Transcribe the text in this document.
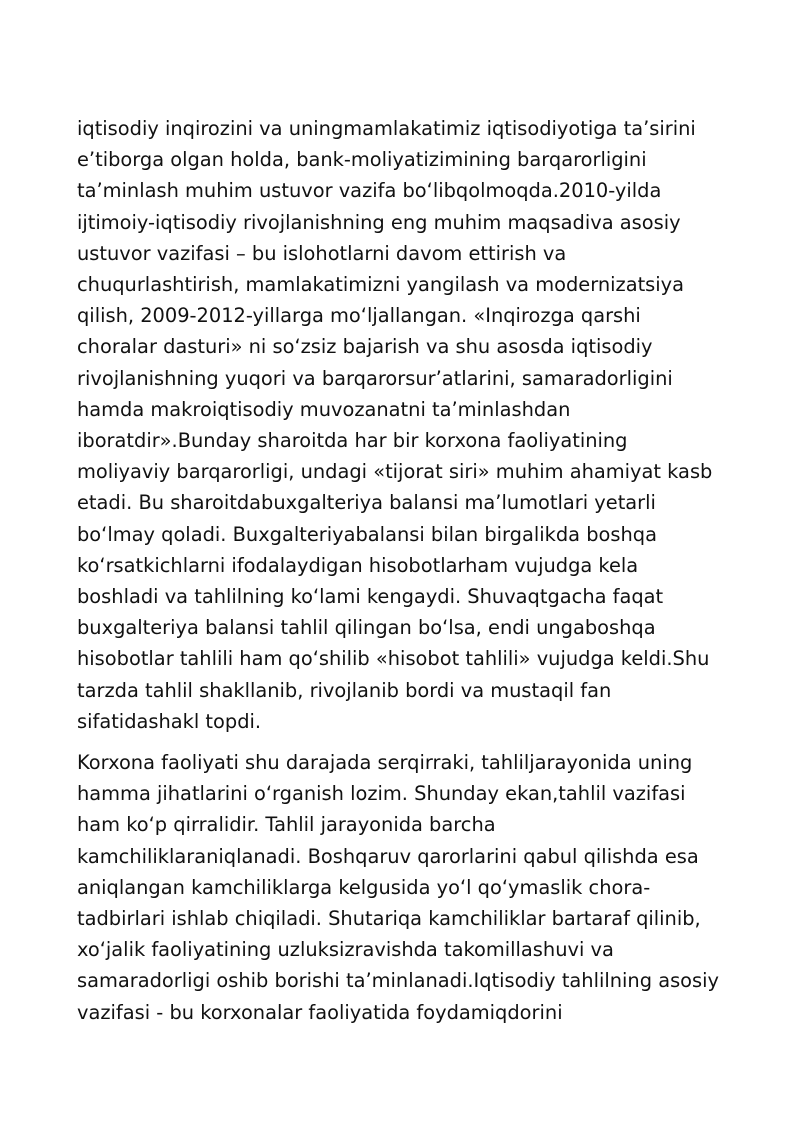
iqtisodiy inqirozini va uningmamlakatimiz iqtisodiyotiga ta’sirini
e’tiborga olgan holda, bank-moliyatizimining barqarorligini
ta’minlash muhim ustuvor vazifa bo‘libqolmoqda.2010-yilda
ijtimoiy-iqtisodiy rivojlanishning eng muhim maqsadiva asosiy
ustuvor vazifasi – bu islohotlarni davom ettirish va
chuqurlashtirish, mamlakatimizni yangilash va modernizatsiya
qilish, 2009-2012-yillarga mo‘ljallangan. «Inqirozga qarshi
choralar dasturi» ni so‘zsiz bajarish va shu asosda iqtisodiy
rivojlanishning yuqori va barqarorsur’atlarini, samaradorligini
hamda makroiqtisodiy muvozanatni ta’minlashdan
iboratdir».Bunday sharoitda har bir korxona faoliyatining
moliyaviy barqarorligi, undagi «tijorat siri» muhim ahamiyat kasb
etadi. Bu sharoitdabuxgalteriya balansi ma’lumotlari yetarli
bo‘lmay qoladi. Buxgalteriyabalansi bilan birgalikda boshqa
ko‘rsatkichlarni ifodalaydigan hisobotlarham vujudga kela
boshladi va tahlilning ko‘lami kengaydi. Shuvaqtgacha faqat
buxgalteriya balansi tahlil qilingan bo‘lsa, endi ungaboshqa
hisobotlar tahlili ham qo‘shilib «hisobot tahlili» vujudga keldi.Shu
tarzda tahlil shakllanib, rivojlanib bordi va mustaqil fan
sifatidashakl topdi.

Korxona faoliyati shu darajada serqirraki, tahliljarayonida uning
hamma jihatlarini o‘rganish lozim. Shunday ekan,tahlil vazifasi
ham ko‘p qirralidir. Tahlil jarayonida barcha
kamchiliklaraniqlanadi. Boshqaruv qarorlarini qabul qilishda esa
aniqlangan kamchiliklarga kelgusida yo‘l qo‘ymaslik chora-
tadbirlari ishlab chiqiladi. Shutariqa kamchiliklar bartaraf qilinib,
xo‘jalik faoliyatining uzluksizravishda takomillashuvi va
samaradorligi oshib borishi ta’minlanadi.Iqtisodiy tahlilning asosiy
vazifasi - bu korxonalar faoliyatida foydamiqdorini
